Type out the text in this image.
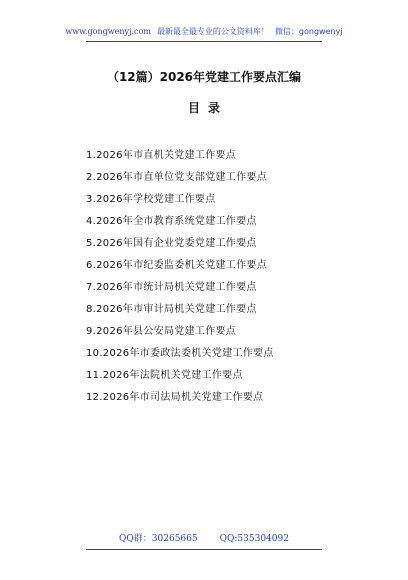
www.gongwenyj.com 最新最全最专业的公文资料库！ 微信：gongwenyj
（12篇）2026年党建工作要点汇编
目录
1.2026年市直机关党建工作要点
2.2026年市直单位党支部党建工作要点
3.2026年学校党建工作要点
4.2026年全市教育系统党建工作要点
5.2026年国有企业党委党建工作要点
6.2026年市纪委监委机关党建工作要点
7.2026年市统计局机关党建工作要点
8.2026年市审计局机关党建工作要点
9.2026年县公安局党建工作要点
10.2026年市委政法委机关党建工作要点
11.2026年法院机关党建工作要点
12.2026年市司法局机关党建工作要点
QQ群：30265665 QQ:535304092
